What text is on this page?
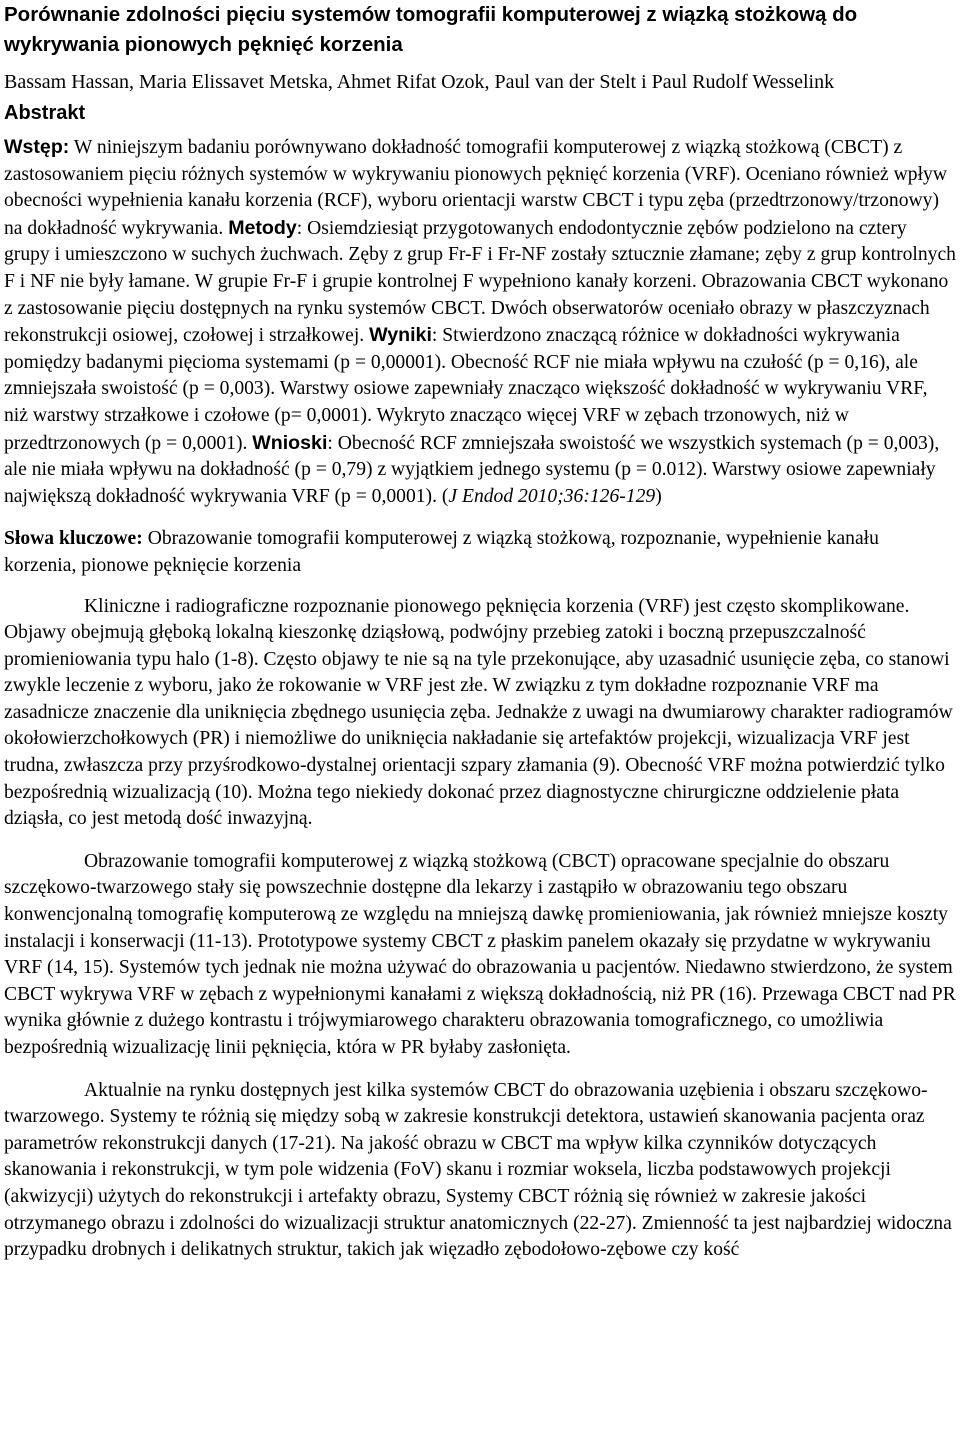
Porównanie zdolności pięciu systemów tomografii komputerowej z wiązką stożkową do wykrywania pionowych pęknięć korzenia

Bassam Hassan, Maria Elissavet Metska, Ahmet Rifat Ozok, Paul van der Stelt i Paul Rudolf Wesselink

Abstrakt

Wstęp: W niniejszym badaniu porównywano dokładność tomografii komputerowej z wiązką stożkową (CBCT) z zastosowaniem pięciu różnych systemów w wykrywaniu pionowych pęknięć korzenia (VRF). Oceniano również wpływ obecności wypełnienia kanału korzenia (RCF), wyboru orientacji warstw CBCT i typu zęba (przedtrzonowy/trzonowy) na dokładność wykrywania. Metody: Osiemdziesiąt przygotowanych endodontycznie zębów podzielono na cztery grupy i umieszczono w suchych żuchwach. Zęby z grup Fr-F i Fr-NF zostały sztucznie złamane; zęby z grup kontrolnych F i NF nie były łamane. W grupie Fr-F i grupie kontrolnej F wypełniono kanały korzeni. Obrazowania CBCT wykonano z zastosowanie pięciu dostępnych na rynku systemów CBCT. Dwóch obserwatorów oceniało obrazy w płaszczyznach rekonstrukcji osiowej, czołowej i strzałkowej. Wyniki: Stwierdzono znaczącą różnice w dokładności wykrywania pomiędzy badanymi pięcioma systemami (p = 0,00001). Obecność RCF nie miała wpływu na czułość (p = 0,16), ale zmniejszała swoistość (p = 0,003). Warstwy osiowe zapewniały znacząco większość dokładność w wykrywaniu VRF, niż warstwy strzałkowe i czołowe (p= 0,0001). Wykryto znacząco więcej VRF w zębach trzonowych, niż w przedtrzonowych (p = 0,0001). Wnioski: Obecność RCF zmniejszała swoistość we wszystkich systemach (p = 0,003), ale nie miała wpływu na dokładność (p = 0,79) z wyjątkiem jednego systemu (p = 0.012). Warstwy osiowe zapewniały największą dokładność wykrywania VRF (p = 0,0001). (J Endod 2010;36:126-129)

Słowa kluczowe: Obrazowanie tomografii komputerowej z wiązką stożkową, rozpoznanie, wypełnienie kanału korzenia, pionowe pęknięcie korzenia

Kliniczne i radiograficzne rozpoznanie pionowego pęknięcia korzenia (VRF) jest często skomplikowane. Objawy obejmują głęboką lokalną kieszonkę dziąsłową, podwójny przebieg zatoki i boczną przepuszczalność promieniowania typu halo (1-8). Często objawy te nie są na tyle przekonujące, aby uzasadnić usunięcie zęba, co stanowi zwykle leczenie z wyboru, jako że rokowanie w VRF jest złe. W związku z tym dokładne rozpoznanie VRF ma zasadnicze znaczenie dla uniknięcia zbędnego usunięcia zęba. Jednakże z uwagi na dwumiarowy charakter radiogramów okołowierzchołkowych (PR) i niemożliwe do uniknięcia nakładanie się artefaktów projekcji, wizualizacja VRF jest trudna, zwłaszcza przy przyśrodkowo-dystalnej orientacji szpary złamania (9). Obecność VRF można potwierdzić tylko bezpośrednią wizualizacją (10). Można tego niekiedy dokonać przez diagnostyczne chirurgiczne oddzielenie płata dziąsła, co jest metodą dość inwazyjną.

Obrazowanie tomografii komputerowej z wiązką stożkową (CBCT) opracowane specjalnie do obszaru szczękowo-twarzowego stały się powszechnie dostępne dla lekarzy i zastąpiło w obrazowaniu tego obszaru konwencjonalną tomografię komputerową ze względu na mniejszą dawkę promieniowania, jak również mniejsze koszty instalacji i konserwacji (11-13). Prototypowe systemy CBCT z płaskim panelem okazały się przydatne w wykrywaniu VRF (14, 15). Systemów tych jednak nie można używać do obrazowania u pacjentów. Niedawno stwierdzono, że system CBCT wykrywa VRF w zębach z wypełnionymi kanałami z większą dokładnością, niż PR (16). Przewaga CBCT nad PR wynika głównie z dużego kontrastu i trójwymiarowego charakteru obrazowania tomograficznego, co umożliwia bezpośrednią wizualizację linii pęknięcia, która w PR byłaby zasłonięta.

Aktualnie na rynku dostępnych jest kilka systemów CBCT do obrazowania uzębienia i obszaru szczękowo-twarzowego. Systemy te różnią się między sobą w zakresie konstrukcji detektora, ustawień skanowania pacjenta oraz parametrów rekonstrukcji danych (17-21). Na jakość obrazu w CBCT ma wpływ kilka czynników dotyczących skanowania i rekonstrukcji, w tym pole widzenia (FoV) skanu i rozmiar woksela, liczba podstawowych projekcji (akwizycji) użytych do rekonstrukcji i artefakty obrazu, Systemy CBCT różnią się również w zakresie jakości otrzymanego obrazu i zdolności do wizualizacji struktur anatomicznych (22-27). Zmienność ta jest najbardziej widoczna przypadku drobnych i delikatnych struktur, takich jak więzadło zębodołowo-zębowe czy kość
